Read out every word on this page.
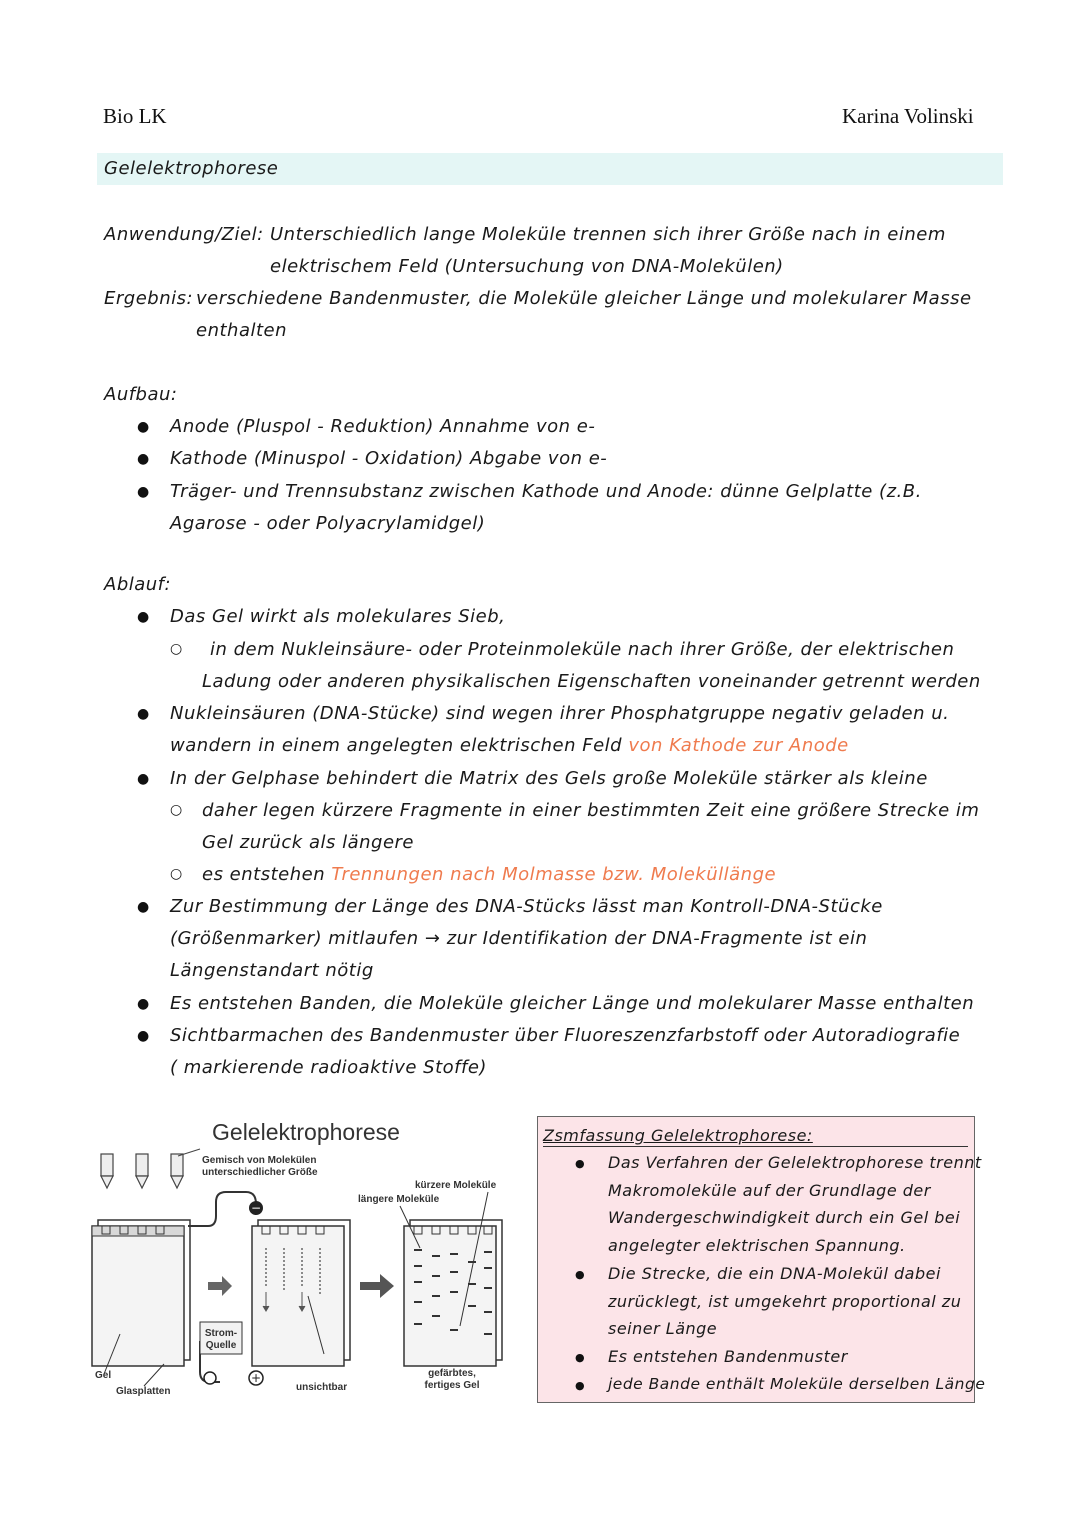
Bio LK	Karina Volinski
Gelelektrophorese
Anwendung/Ziel: Unterschiedlich lange Moleküle trennen sich ihrer Größe nach in einem
elektrischem Feld (Untersuchung von DNA-Molekülen)
Ergebnis: verschiedene Bandenmuster, die Moleküle gleicher Länge und molekularer Masse
enthalten
Aufbau:
● Anode (Pluspol - Reduktion) Annahme von e-
● Kathode (Minuspol - Oxidation) Abgabe von e-
● Träger- und Trennsubstanz zwischen Kathode und Anode: dünne Gelplatte (z.B.
Agarose - oder Polyacrylamidgel)
Ablauf:
● Das Gel wirkt als molekulares Sieb,
○ in dem Nukleinsäure- oder Proteinmoleküle nach ihrer Größe, der elektrischen
Ladung oder anderen physikalischen Eigenschaften voneinander getrennt werden
● Nukleinsäuren (DNA-Stücke) sind wegen ihrer Phosphatgruppe negativ geladen u.
wandern in einem angelegten elektrischen Feld von Kathode zur Anode
● In der Gelphase behindert die Matrix des Gels große Moleküle stärker als kleine
○ daher legen kürzere Fragmente in einer bestimmten Zeit eine größere Strecke im
Gel zurück als längere
○ es entstehen Trennungen nach Molmasse bzw. Moleküllänge
● Zur Bestimmung der Länge des DNA-Stücks lässt man Kontroll-DNA-Stücke
(Größenmarker) mitlaufen → zur Identifikation der DNA-Fragmente ist ein
Längenstandart nötig
● Es entstehen Banden, die Moleküle gleicher Länge und molekularer Masse enthalten
● Sichtbarmachen des Bandenmuster über Fluoreszenzfarbstoff oder Autoradiografie
( markierende radioaktive Stoffe)
Gelelektrophorese
Gemisch von Molekülen
unterschiedlicher Größe
kürzere Moleküle
längere Moleküle
Gel
Glasplatten
Strom-
Quelle
−
+
unsichtbar
gefärbtes,
fertiges Gel
Zsmfassung Gelelektrophorese:
● Das Verfahren der Gelelektrophorese trennt
Makromoleküle auf der Grundlage der
Wandergeschwindigkeit durch ein Gel bei
angelegter elektrischen Spannung.
● Die Strecke, die ein DNA-Molekül dabei
zurücklegt, ist umgekehrt proportional zu
seiner Länge
● Es entstehen Bandenmuster
● jede Bande enthält Moleküle derselben Länge
